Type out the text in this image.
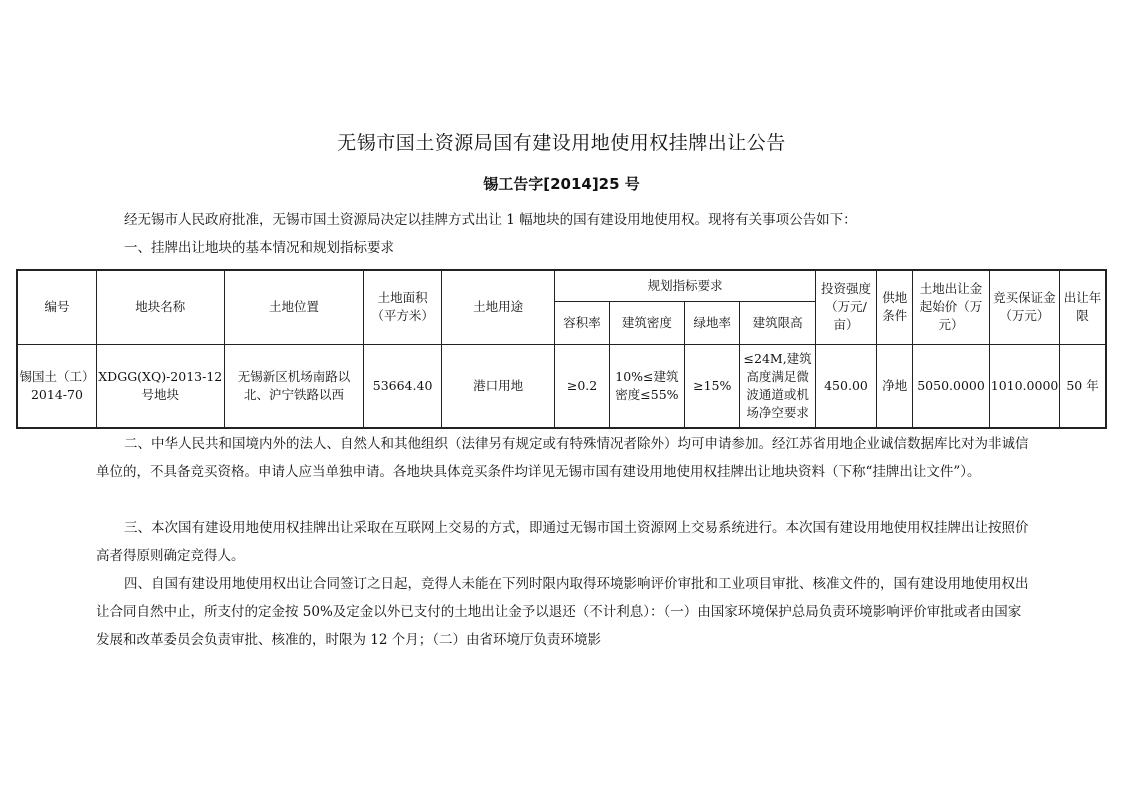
无锡市国土资源局国有建设用地使用权挂牌出让公告
锡工告字[2014]25 号
经无锡市人民政府批准，无锡市国土资源局决定以挂牌方式出让 1 幅地块的国有建设用地使用权。现将有关事项公告如下：
一、挂牌出让地块的基本情况和规划指标要求
编号	地块名称	土地位置	土地面积（平方米）	土地用途	规划指标要求				投资强度（万元/亩）	供地条件	土地出让金起始价（万元）	竞买保证金（万元）	出让年限
					容积率	建筑密度	绿地率	建筑限高					
锡国土（工）2014-70	XDGG(XQ)-2013-12号地块	无锡新区机场南路以北、沪宁铁路以西	53664.40	港口用地	≥0.2	10%≤建筑密度≤55%	≥15%	≤24M,建筑高度满足微波通道或机场净空要求	450.00	净地	5050.0000	1010.0000	50 年
二、中华人民共和国境内外的法人、自然人和其他组织（法律另有规定或有特殊情况者除外）均可申请参加。经江苏省用地企业诚信数据库比对为非诚信单位的，不具备竞买资格。申请人应当单独申请。各地块具体竞买条件均详见无锡市国有建设用地使用权挂牌出让地块资料（下称“挂牌出让文件”）。
三、本次国有建设用地使用权挂牌出让采取在互联网上交易的方式，即通过无锡市国土资源网上交易系统进行。本次国有建设用地使用权挂牌出让按照价高者得原则确定竞得人。
四、自国有建设用地使用权出让合同签订之日起，竞得人未能在下列时限内取得环境影响评价审批和工业项目审批、核准文件的，国有建设用地使用权出让合同自然中止，所支付的定金按 50%及定金以外已支付的土地出让金予以退还（不计利息）：（一）由国家环境保护总局负责环境影响评价审批或者由国家发展和改革委员会负责审批、核准的，时限为 12 个月；（二）由省环境厅负责环境影
